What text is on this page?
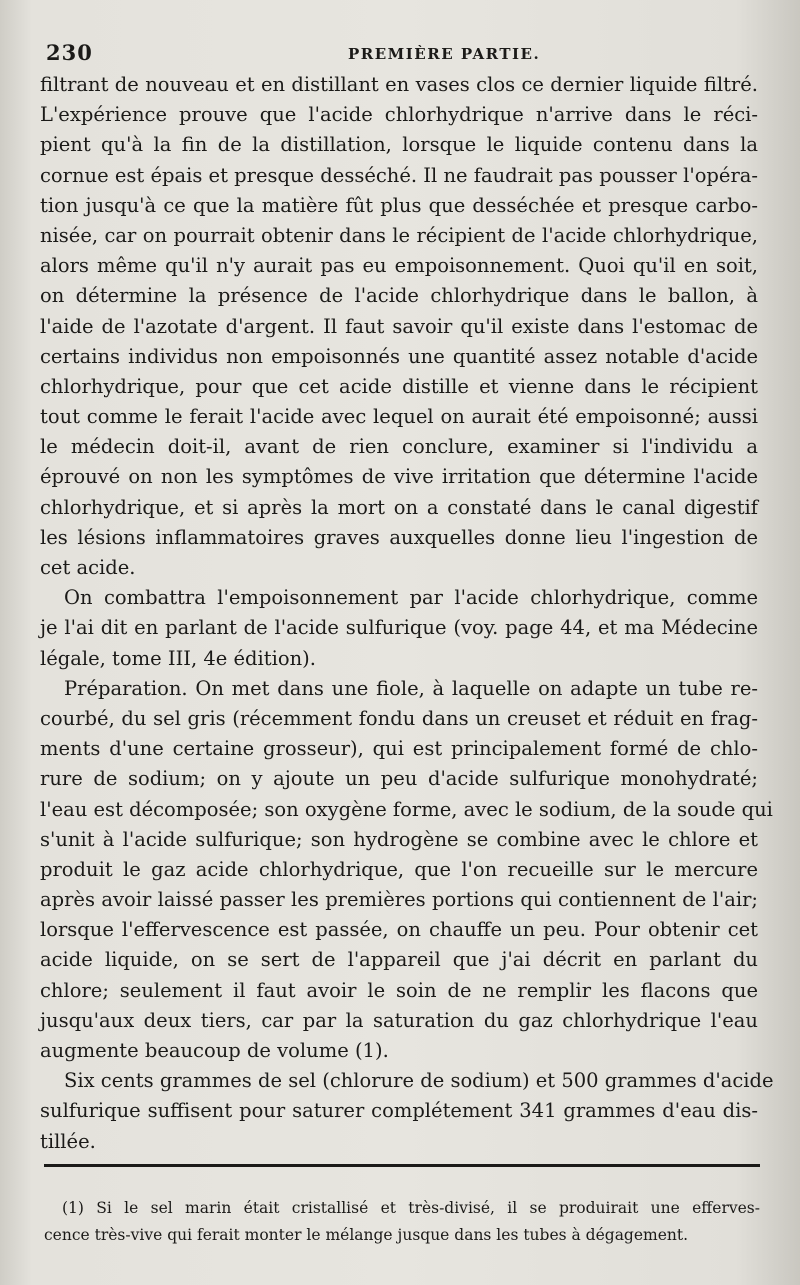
230	PREMIÈRE PARTIE.
filtrant de nouveau et en distillant en vases clos ce dernier liquide filtré.
L'expérience prouve que l'acide chlorhydrique n'arrive dans le réci-
pient qu'à la fin de la distillation, lorsque le liquide contenu dans la
cornue est épais et presque desséché. Il ne faudrait pas pousser l'opéra-
tion jusqu'à ce que la matière fût plus que desséchée et presque carbo-
nisée, car on pourrait obtenir dans le récipient de l'acide chlorhydrique,
alors même qu'il n'y aurait pas eu empoisonnement. Quoi qu'il en soit,
on détermine la présence de l'acide chlorhydrique dans le ballon, à
l'aide de l'azotate d'argent. Il faut savoir qu'il existe dans l'estomac de
certains individus non empoisonnés une quantité assez notable d'acide
chlorhydrique, pour que cet acide distille et vienne dans le récipient
tout comme le ferait l'acide avec lequel on aurait été empoisonné; aussi
le médecin doit-il, avant de rien conclure, examiner si l'individu a
éprouvé on non les symptômes de vive irritation que détermine l'acide
chlorhydrique, et si après la mort on a constaté dans le canal digestif
les lésions inflammatoires graves auxquelles donne lieu l'ingestion de
cet acide.
On combattra l'empoisonnement par l'acide chlorhydrique, comme
je l'ai dit en parlant de l'acide sulfurique (voy. page 44, et ma Médecine
légale, tome III, 4e édition).
Préparation. On met dans une fiole, à laquelle on adapte un tube re-
courbé, du sel gris (récemment fondu dans un creuset et réduit en frag-
ments d'une certaine grosseur), qui est principalement formé de chlo-
rure de sodium; on y ajoute un peu d'acide sulfurique monohydraté;
l'eau est décomposée; son oxygène forme, avec le sodium, de la soude qui
s'unit à l'acide sulfurique; son hydrogène se combine avec le chlore et
produit le gaz acide chlorhydrique, que l'on recueille sur le mercure
après avoir laissé passer les premières portions qui contiennent de l'air;
lorsque l'effervescence est passée, on chauffe un peu. Pour obtenir cet
acide liquide, on se sert de l'appareil que j'ai décrit en parlant du
chlore; seulement il faut avoir le soin de ne remplir les flacons que
jusqu'aux deux tiers, car par la saturation du gaz chlorhydrique l'eau
augmente beaucoup de volume (1).
Six cents grammes de sel (chlorure de sodium) et 500 grammes d'acide
sulfurique suffisent pour saturer complétement 341 grammes d'eau dis-
tillée.
(1) Si le sel marin était cristallisé et très-divisé, il se produirait une efferves-
cence très-vive qui ferait monter le mélange jusque dans les tubes à dégagement.
